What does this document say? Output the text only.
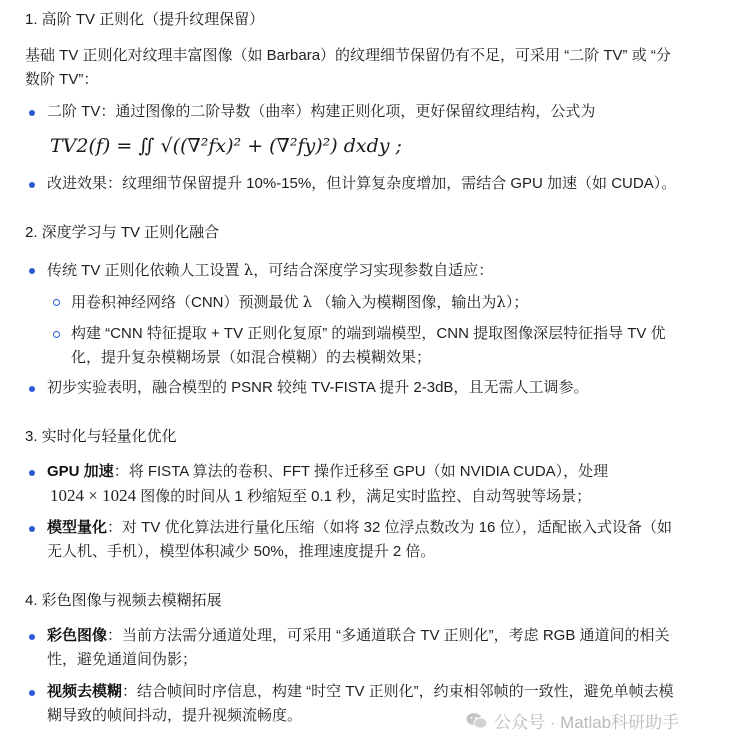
1. 高阶 TV 正则化（提升纹理保留）
基础 TV 正则化对纹理丰富图像（如 Barbara）的纹理细节保留仍有不足，可采用 “二阶 TV” 或 “分
数阶 TV”：
二阶 TV：通过图像的二阶导数（曲率）构建正则化项，更好保留纹理结构，公式为
TV2(f) = ∬ √((∇²fx)² + (∇²fy)²) dxdy ;
改进效果：纹理细节保留提升 10%-15%，但计算复杂度增加，需结合 GPU 加速（如 CUDA）。
2. 深度学习与 TV 正则化融合
传统 TV 正则化依赖人工设置 λ，可结合深度学习实现参数自适应：
用卷积神经网络（CNN）预测最优 λ （输入为模糊图像，输出为λ）；
构建 “CNN 特征提取 + TV 正则化复原” 的端到端模型，CNN 提取图像深层特征指导 TV 优
化，提升复杂模糊场景（如混合模糊）的去模糊效果；
初步实验表明，融合模型的 PSNR 较纯 TV-FISTA 提升 2-3dB，且无需人工调参。
3. 实时化与轻量化优化
GPU 加速：将 FISTA 算法的卷积、FFT 操作迁移至 GPU（如 NVIDIA CUDA），处理
1024 × 1024 图像的时间从 1 秒缩短至 0.1 秒，满足实时监控、自动驾驶等场景；
模型量化：对 TV 优化算法进行量化压缩（如将 32 位浮点数改为 16 位），适配嵌入式设备（如
无人机、手机），模型体积减少 50%，推理速度提升 2 倍。
4. 彩色图像与视频去模糊拓展
彩色图像：当前方法需分通道处理，可采用 “多通道联合 TV 正则化”，考虑 RGB 通道间的相关
性，避免通道间伪影；
视频去模糊：结合帧间时序信息，构建 “时空 TV 正则化”，约束相邻帧的一致性，避免单帧去模
糊导致的帧间抖动，提升视频流畅度。	公众号 · Matlab科研助手
